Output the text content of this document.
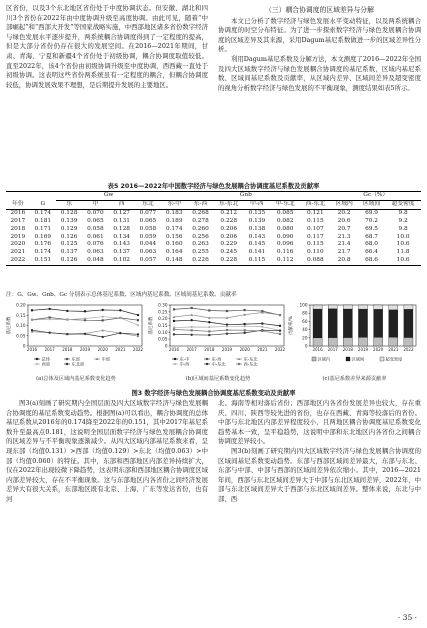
区省份，以及3个东北地区省份处于中度协调状态。但安徽、湖北和四川3个省份在2022年由中度协调升级至高度协调。由此可见，随着“中部崛起”和“西部大开发”等国家战略实施，中西部地区诸多省份数字经济与绿色发展水平逐步提升，两系统耦合协调度得到了一定程度的提高，但是大部分省份仍存在很大的发展空间。在2016—2021年期间，甘肃、青海、宁夏和新疆4个省份处于初级协调，耦合协调度取值较低。直至2022年，该4个省份由初级协调升级至中度协调，西西藏一直处于初级协调。这表明这些省份两系统虽有一定程度的耦合，但耦合协调度较低，协调发展效果不理想，是后期提升发展的主要地区。

（三）耦合协调度的区域差异与分解

本文已分析了数字经济与绿色发展水平变动特征，以及两系统耦合协调度的时空分布特征。为了进一步探索数字经济与绿色发展耦合协调度的区域差异及其来源，采用Dagum基尼系数做进一步的区域差异性分析。

利用Dagum基尼系数及分解方法，本文测度了2016—2022年全国及四大区域数字经济与绿色发展耦合协调度的基尼系数，区域内基尼系数、区域间基尼系数及贡献率，从区域内差异、区域间差异及超变密度的视角分析数字经济与绿色发展的不平衡现象，测度结果如表5所示。

表5 2016—2022年中国数字经济与绿色发展耦合协调度基尼系数及贡献率
		Gw				Gnb						Gc（%）		
年份	G	东	中	西	东北	东-中	东-西	东-东北	中-西	中-东北	西-东北	区域内	区域间	超变密度
2016	0.174	0.128	0.070	0.127	0.077	0.183	0.268	0.212	0.135	0.085	0.121	20.2	69.9	9.8
2017	0.181	0.139	0.065	0.131	0.065	0.189	0.278	0.228	0.139	0.082	0.115	20.6	70.2	9.2
2018	0.171	0.129	0.058	0.128	0.058	0.174	0.260	0.206	0.138	0.080	0.107	20.7	69.5	9.8
2019	0.169	0.126	0.061	0.134	0.059	0.156	0.256	0.206	0.143	0.090	0.117	21.3	68.7	10.0
2020	0.176	0.125	0.076	0.143	0.044	0.160	0.263	0.229	0.145	0.096	0.115	21.4	68.0	10.6
2021	0.174	0.137	0.063	0.137	0.063	0.164	0.255	0.245	0.141	0.116	0.110	21.7	66.4	11.8
2022	0.151	0.126	0.048	0.102	0.057	0.148	0.226	0.228	0.115	0.112	0.088	20.8	68.6	10.6
注：G、Gw、Gnb、Gc 分别表示总体基尼系数、区域内基尼系数、区域间基尼系数、贡献率
0.20
0.15
0.10
0.05
0
2016 2017 2018 2019 2020 2021 2022
基尼系数
总体	东部	中部
西部	东北部
(a)总体及区域内基尼系数变化趋势
0.30
0.25
0.20
0.15
0.10
0.05
0
2016 2017 2018 2019 2020 2021 2022
基尼系数
东-中	东-西	东-东北
中-西	中-东北	西-东北
(b)区域间基尼系数变化趋势
100
80
60
40
20
0
2016 2017 2018 2019 2020 2021 2022
贡献率/%
区域内	区域间	超变密度
(c)基尼系数差异来源贡献率
图3 数字经济与绿色发展耦合协调度基尼系数变动及贡献率

图3(a)刻画了研究期内全国层面及四大区域数字经济与绿色发展耦合协调度的基尼系数变动趋势。根据图(a)可以看出，耦合协调度的总体基尼系数从2016年的0.174降至2022年的0.151，其中2017年基尼系数升至最高点0.181，这说明全国层面数字经济与绿色发展耦合协调度的区域差异与不平衡现象逐渐减少。从四大区域内部基尼系数来看，呈现东部（均值0.131）>西部（均值0.129）>东北（均值0.063）>中部（均值0.060）的特征。其中，东部和西部地区内部差异持续扩大，仅在2022年出现较微下降趋势，这表明东部和西部地区耦合协调度区域内部差异较大，存在不平衡现象。这与东部地区内各省份之间经济发展差异大有很大关系，东部地区既有北京、上海、广东等发达省份，也有河

北、海南等相对落后省份；西部地区内各省份发展差异也较大，存在重庆、四川、陕西等较先进的省份，也存在西藏、青海等较落后的省份。中部与东北地区内部差异程度较小，且两地区耦合协调度基尼系数变化趋势基本一致，呈平稳趋势，这说明中部和东北地区内各省份之间耦合协调度差异较小。

图3(b)刻画了研究期内四大区域数字经济与绿色发展耦合协调度的区域间基尼系数变动趋势。东部与西部区域间差异最大，东部与东北、东部与中部、中部与西部的区域间差异依次缩小。其中，2016—2021年间，西部与东北区域间差异大于中部与东北区域间差异，2022年，中部与东北区域间差异大于西部与东北区域间差异。整体来说，东北与中部、西

· 35 ·
